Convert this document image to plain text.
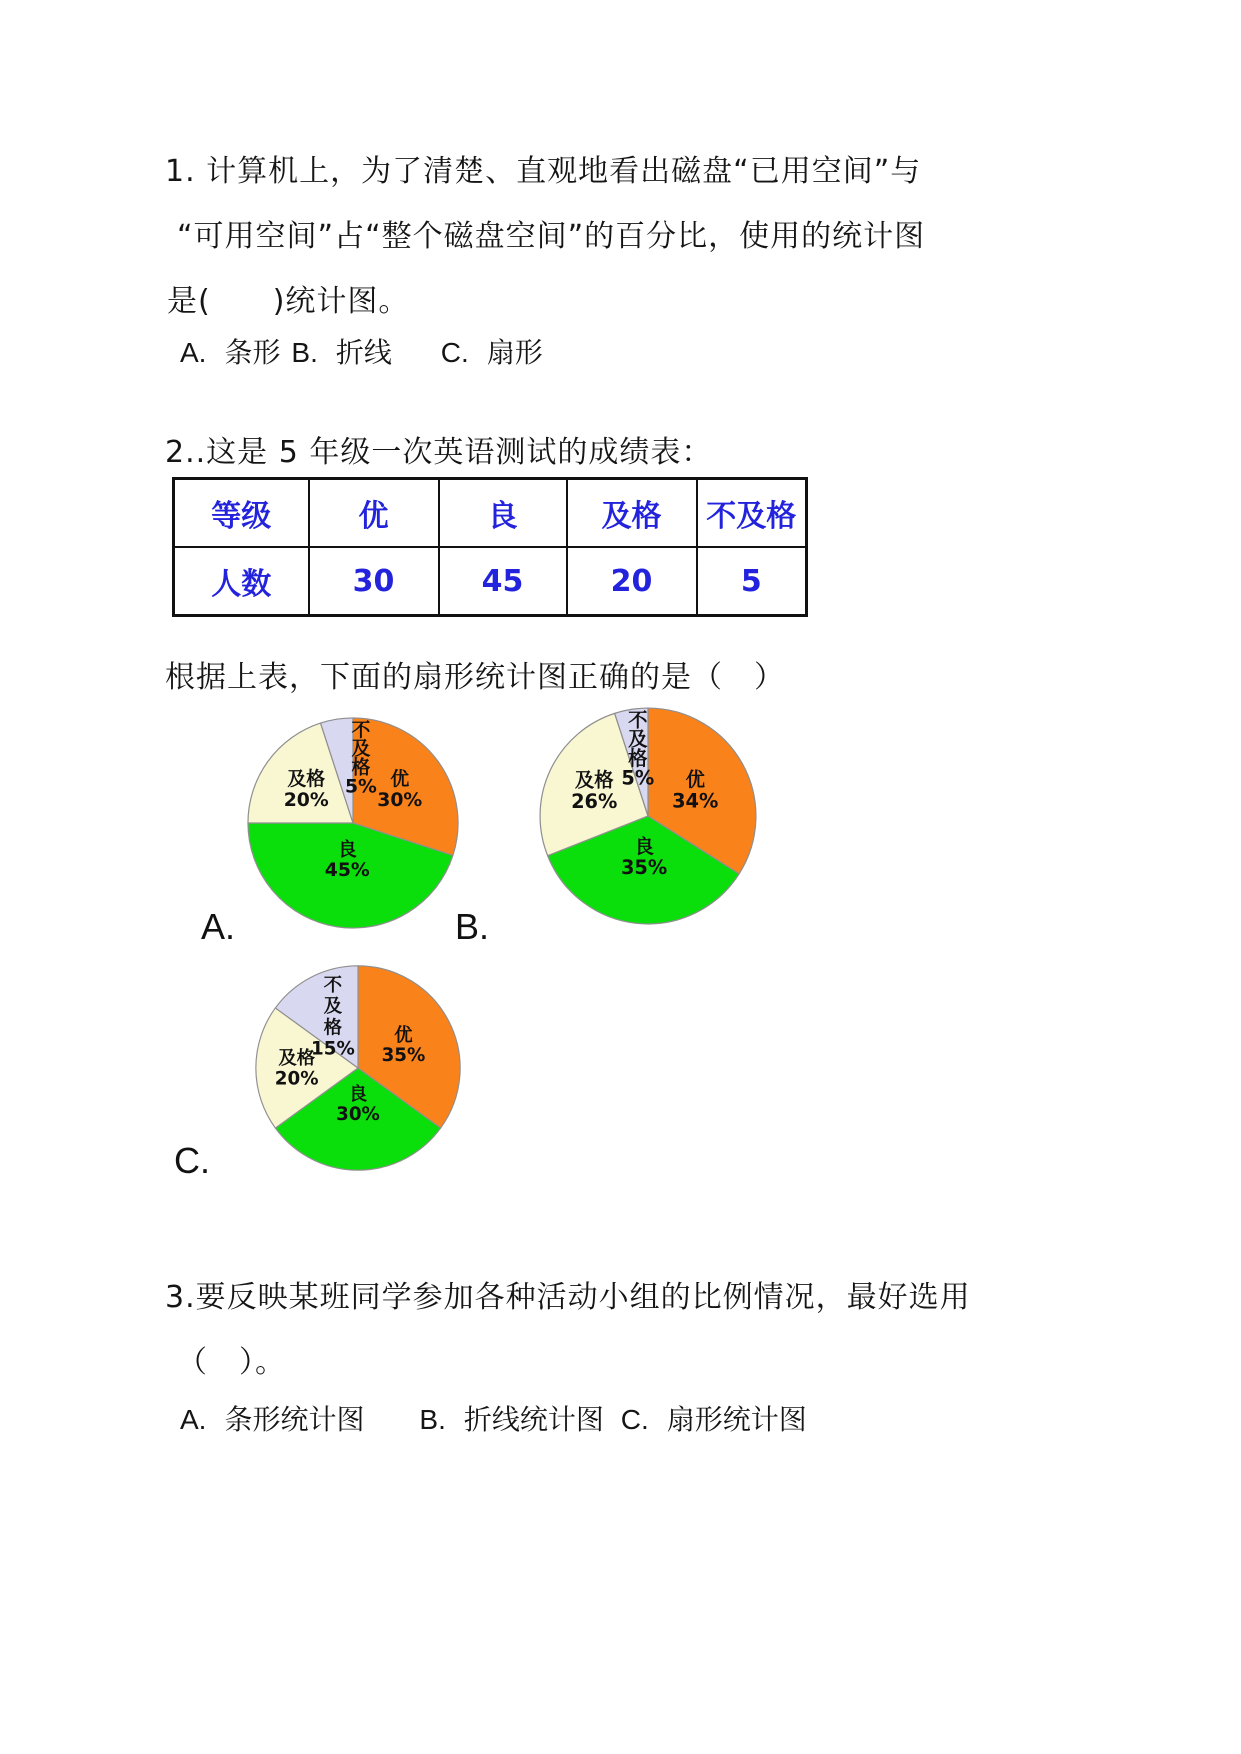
1. 计算机上，为了清楚、直观地看出磁盘“已用空间”与
“可用空间”占“整个磁盘空间”的百分比，使用的统计图
是(　　)统计图。
A. 条形 B. 折线 C. 扇形
2..这是 5 年级一次英语测试的成绩表：
等级	优	良	及格	不及格
人数	30	45	20	5
根据上表，下面的扇形统计图正确的是（　）
优 30%
良 45%
及格 20%
不及格 5%	优 34%
良 35%
及格 26%
不及格 5%
优 35%
良 30%
及格 20%
不及格 15%
A.	B.
C.
3.要反映某班同学参加各种活动小组的比例情况，最好选用
（　）。
A. 条形统计图 B. 折线统计图 C. 扇形统计图
